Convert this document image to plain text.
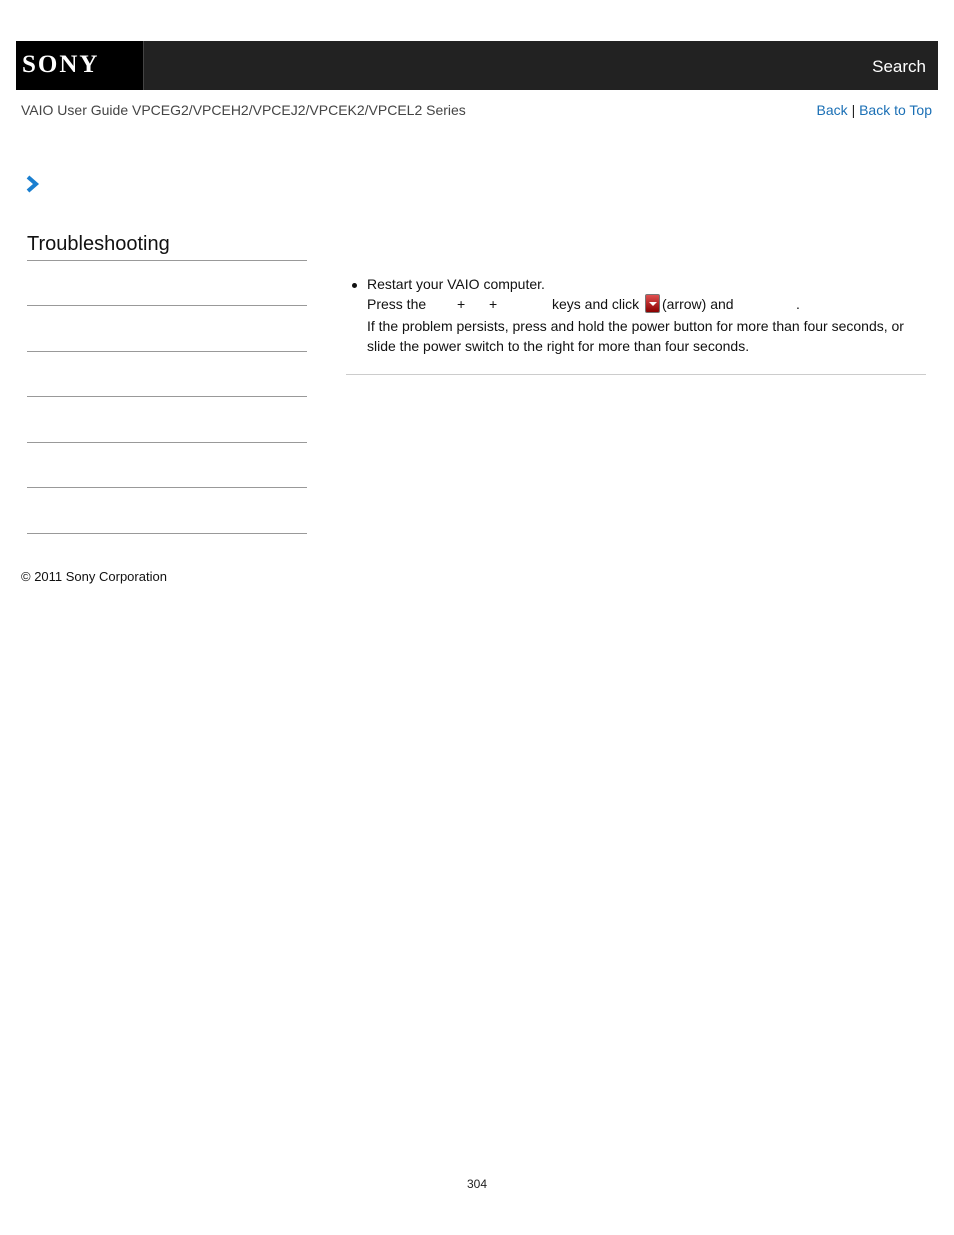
SONY	Search
VAIO User Guide VPCEG2/VPCEH2/VPCEJ2/VPCEK2/VPCEL2 Series	Back | Back to Top
Troubleshooting
Restart your VAIO computer.
Press the + +	keys and click (arrow) and	.
If the problem persists, press and hold the power button for more than four seconds, or
slide the power switch to the right for more than four seconds.
© 2011 Sony Corporation
304
